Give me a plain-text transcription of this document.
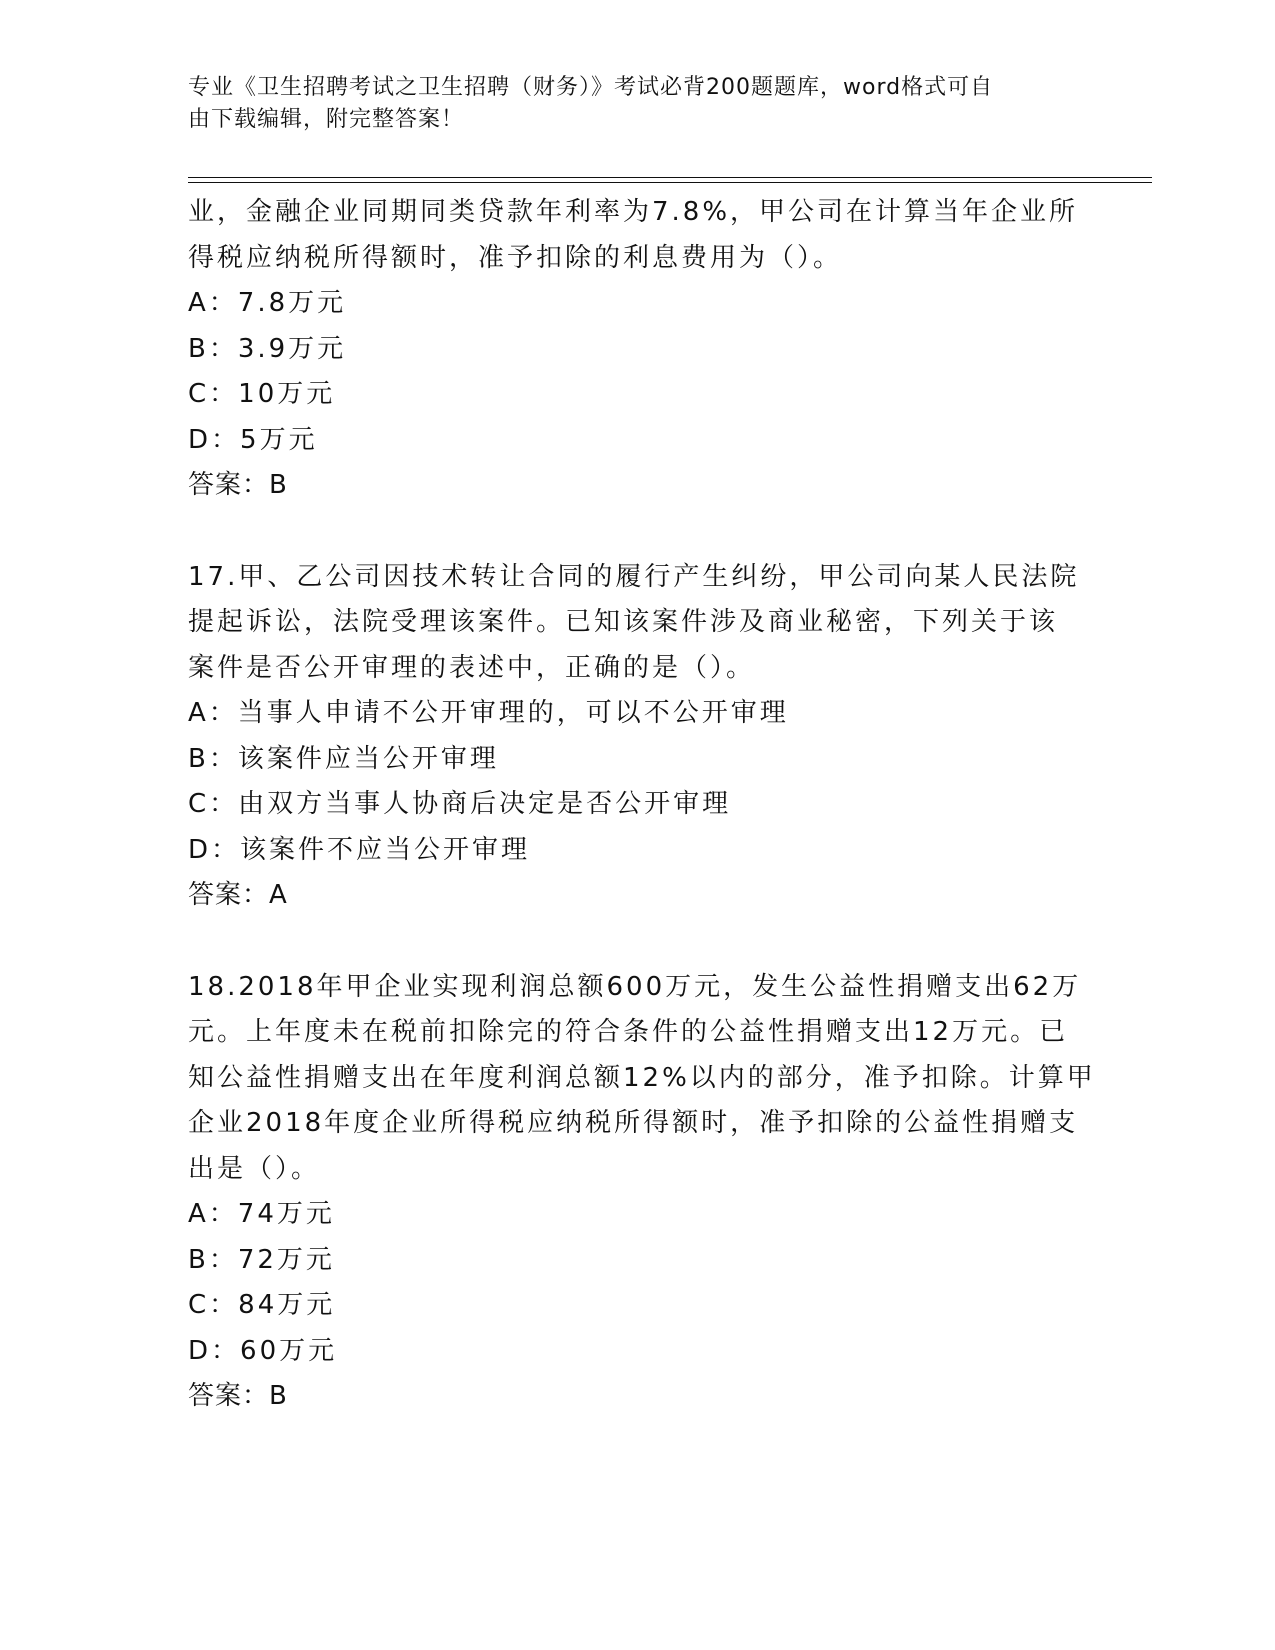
专业《卫生招聘考试之卫生招聘（财务）》考试必背200题题库，word格式可自
由下载编辑，附完整答案！
业，金融企业同期同类贷款年利率为7.8%，甲公司在计算当年企业所
得税应纳税所得额时，准予扣除的利息费用为（）。
A：7.8万元
B：3.9万元
C：10万元
D：5万元
答案：B
17.甲、乙公司因技术转让合同的履行产生纠纷，甲公司向某人民法院
提起诉讼，法院受理该案件。已知该案件涉及商业秘密，下列关于该
案件是否公开审理的表述中，正确的是（）。
A：当事人申请不公开审理的，可以不公开审理
B：该案件应当公开审理
C：由双方当事人协商后决定是否公开审理
D：该案件不应当公开审理
答案：A
18.2018年甲企业实现利润总额600万元，发生公益性捐赠支出62万
元。上年度未在税前扣除完的符合条件的公益性捐赠支出12万元。已
知公益性捐赠支出在年度利润总额12%以内的部分，准予扣除。计算甲
企业2018年度企业所得税应纳税所得额时，准予扣除的公益性捐赠支
出是（）。
A：74万元
B：72万元
C：84万元
D：60万元
答案：B
